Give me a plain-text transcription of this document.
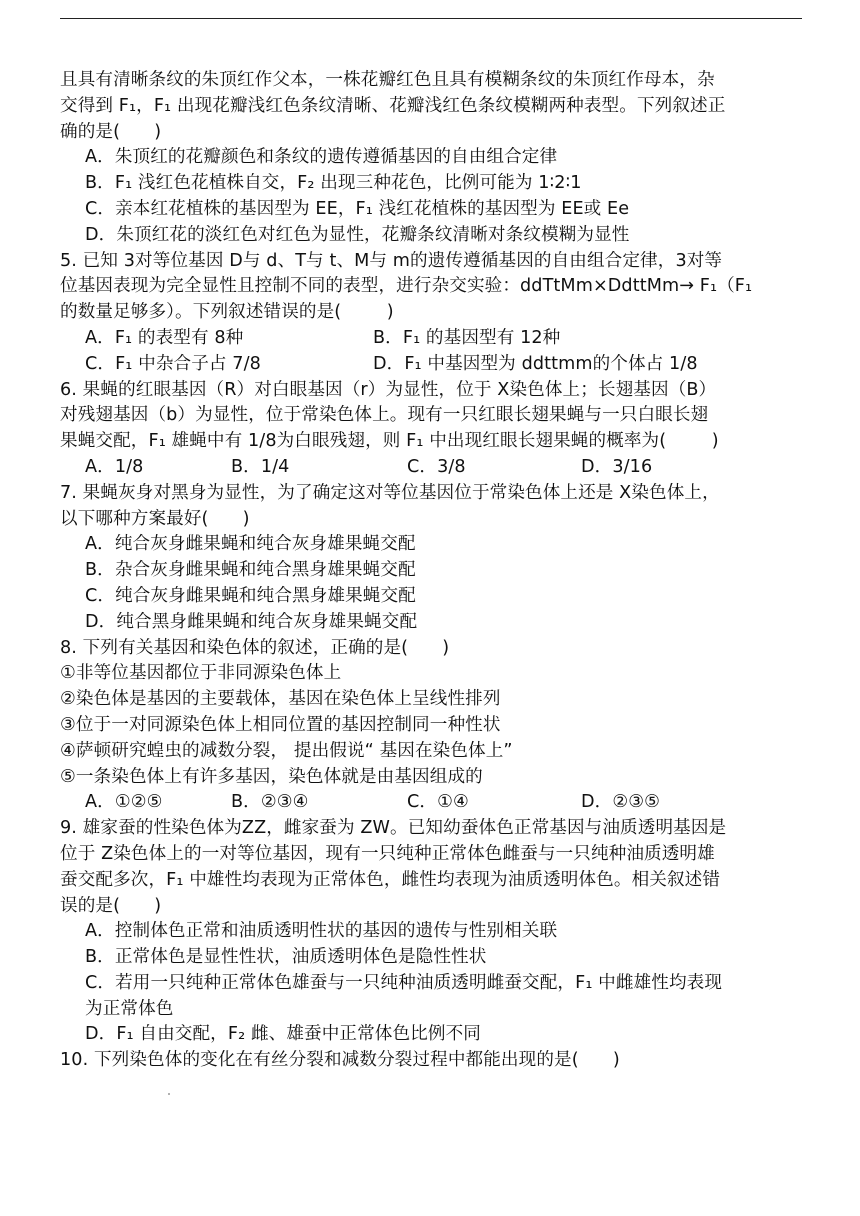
且具有清晰条纹的朱顶红作父本，一株花瓣红色且具有模糊条纹的朱顶红作母本，杂
交得到 F₁，F₁ 出现花瓣浅红色条纹清晰、花瓣浅红色条纹模糊两种表型。下列叙述正
确的是(      )
A．朱顶红的花瓣颜色和条纹的遗传遵循基因的自由组合定律
B．F₁ 浅红色花植株自交，F₂ 出现三种花色，比例可能为 1∶2∶1
C．亲本红花植株的基因型为 EE，F₁ 浅红花植株的基因型为 EE或 Ee
D．朱顶红花的淡红色对红色为显性，花瓣条纹清晰对条纹模糊为显性
5. 已知 3对等位基因 D与 d、T与 t、M与 m的遗传遵循基因的自由组合定律，3对等
位基因表现为完全显性且控制不同的表型，进行杂交实验：ddTtMm×DdttMm→ F₁（F₁
的数量足够多）。下列叙述错误的是(        )
A．F₁ 的表型有 8种	B．F₁ 的基因型有 12种
C．F₁ 中杂合子占 7/8	D．F₁ 中基因型为 ddttmm的个体占 1/8
6. 果蝇的红眼基因（R）对白眼基因（r）为显性，位于 X染色体上；长翅基因（B）
对残翅基因（b）为显性，位于常染色体上。现有一只红眼长翅果蝇与一只白眼长翅
果蝇交配，F₁ 雄蝇中有 1/8为白眼残翅，则 F₁ 中出现红眼长翅果蝇的概率为(        )
A．1/8	B．1/4	C．3/8	D．3/16
7. 果蝇灰身对黑身为显性，为了确定这对等位基因位于常染色体上还是 X染色体上，
以下哪种方案最好(      )
A．纯合灰身雌果蝇和纯合灰身雄果蝇交配
B．杂合灰身雌果蝇和纯合黑身雄果蝇交配
C．纯合灰身雌果蝇和纯合黑身雄果蝇交配
D．纯合黑身雌果蝇和纯合灰身雄果蝇交配
8. 下列有关基因和染色体的叙述，正确的是(      )
①非等位基因都位于非同源染色体上
②染色体是基因的主要载体，基因在染色体上呈线性排列
③位于一对同源染色体上相同位置的基因控制同一种性状
④萨顿研究蝗虫的减数分裂， 提出假说“ 基因在染色体上”
⑤一条染色体上有许多基因，染色体就是由基因组成的
A．①②⑤	B．②③④	C．①④	D．②③⑤
9. 雄家蚕的性染色体为ZZ，雌家蚕为 ZW。已知幼蚕体色正常基因与油质透明基因是
位于 Z染色体上的一对等位基因，现有一只纯种正常体色雌蚕与一只纯种油质透明雄
蚕交配多次，F₁ 中雄性均表现为正常体色，雌性均表现为油质透明体色。相关叙述错
误的是(      )
A．控制体色正常和油质透明性状的基因的遗传与性别相关联
B．正常体色是显性性状，油质透明体色是隐性性状
C．若用一只纯种正常体色雄蚕与一只纯种油质透明雌蚕交配，F₁ 中雌雄性均表现
为正常体色
D．F₁ 自由交配，F₂ 雌、雄蚕中正常体色比例不同
10. 下列染色体的变化在有丝分裂和减数分裂过程中都能出现的是(      )
